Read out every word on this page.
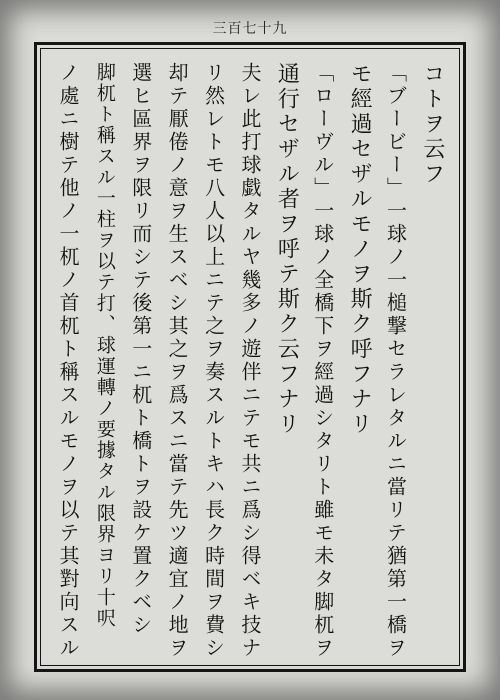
三百七十九
コトヲ云フ
「ブービー」一球ノ一槌撃セラレタルニ當リテ猶第一橋ヲ
モ經過セザルモノヲ斯ク呼フナリ
「ローヴル」一球ノ全橋下ヲ經過シタリト雖モ未タ脚杌ヲ
通行セザル者ヲ呼テ斯ク云フナリ
夫レ此打球戯タルヤ幾多ノ遊伴ニテモ共ニ爲シ得ベキ技ナ
リ然レトモ八人以上ニテ之ヲ奏スルトキハ長ク時間ヲ費シ
却テ厭倦ノ意ヲ生スベシ其之ヲ爲スニ當テ先ツ適宜ノ地ヲ
選ヒ區界ヲ限リ而シテ後第一ニ杌ト橋トヲ設ケ置クベシ
脚杌ト稱スル一柱ヲ以テ打、球運轉ノ要據タル限界ヨリ十呎
ノ處ニ樹テ他ノ一杌ノ首杌ト稱スルモノヲ以テ其對向スル
